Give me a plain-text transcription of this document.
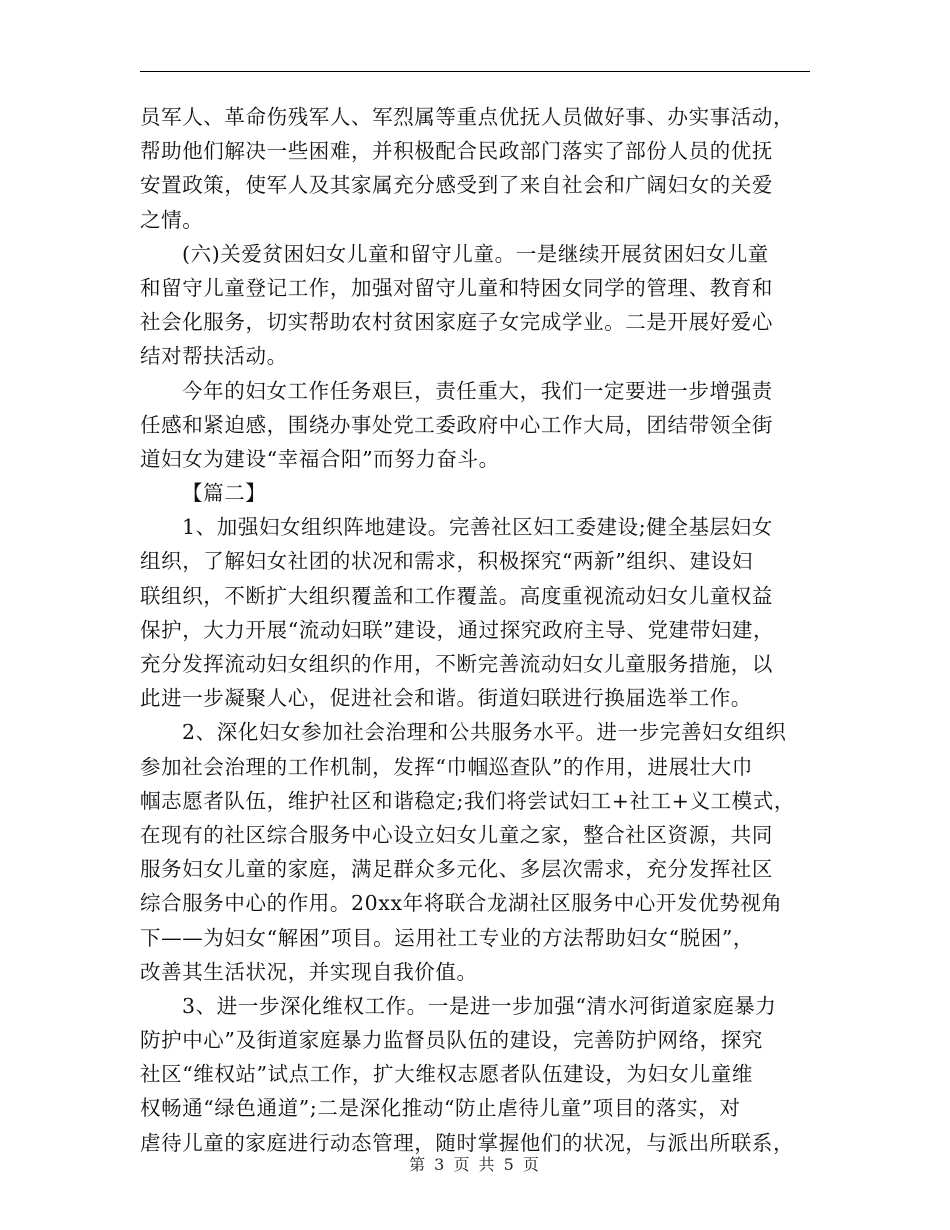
员军人、革命伤残军人、军烈属等重点优抚人员做好事、办实事活动，
帮助他们解决一些困难，并积极配合民政部门落实了部份人员的优抚
安置政策，使军人及其家属充分感受到了来自社会和广阔妇女的关爱
之情。
(六)关爱贫困妇女儿童和留守儿童。一是继续开展贫困妇女儿童
和留守儿童登记工作，加强对留守儿童和特困女同学的管理、教育和
社会化服务，切实帮助农村贫困家庭子女完成学业。二是开展好爱心
结对帮扶活动。
今年的妇女工作任务艰巨，责任重大，我们一定要进一步增强责
任感和紧迫感，围绕办事处党工委政府中心工作大局，团结带领全街
道妇女为建设“幸福合阳”而努力奋斗。
【篇二】
1、加强妇女组织阵地建设。完善社区妇工委建设;健全基层妇女
组织，了解妇女社团的状况和需求，积极探究“两新”组织、建设妇
联组织，不断扩大组织覆盖和工作覆盖。高度重视流动妇女儿童权益
保护，大力开展“流动妇联”建设，通过探究政府主导、党建带妇建，
充分发挥流动妇女组织的作用，不断完善流动妇女儿童服务措施，以
此进一步凝聚人心，促进社会和谐。街道妇联进行换届选举工作。
2、深化妇女参加社会治理和公共服务水平。进一步完善妇女组织
参加社会治理的工作机制，发挥“巾帼巡查队”的作用，进展壮大巾
帼志愿者队伍，维护社区和谐稳定;我们将尝试妇工+社工+义工模式，
在现有的社区综合服务中心设立妇女儿童之家，整合社区资源，共同
服务妇女儿童的家庭，满足群众多元化、多层次需求，充分发挥社区
综合服务中心的作用。20xx年将联合龙湖社区服务中心开发优势视角
下——为妇女“解困”项目。运用社工专业的方法帮助妇女“脱困”，
改善其生活状况，并实现自我价值。
3、进一步深化维权工作。一是进一步加强“清水河街道家庭暴力
防护中心”及街道家庭暴力监督员队伍的建设，完善防护网络，探究
社区“维权站”试点工作，扩大维权志愿者队伍建设，为妇女儿童维
权畅通“绿色通道”;二是深化推动“防止虐待儿童”项目的落实，对
虐待儿童的家庭进行动态管理，随时掌握他们的状况，与派出所联系，
第 3 页 共 5 页
